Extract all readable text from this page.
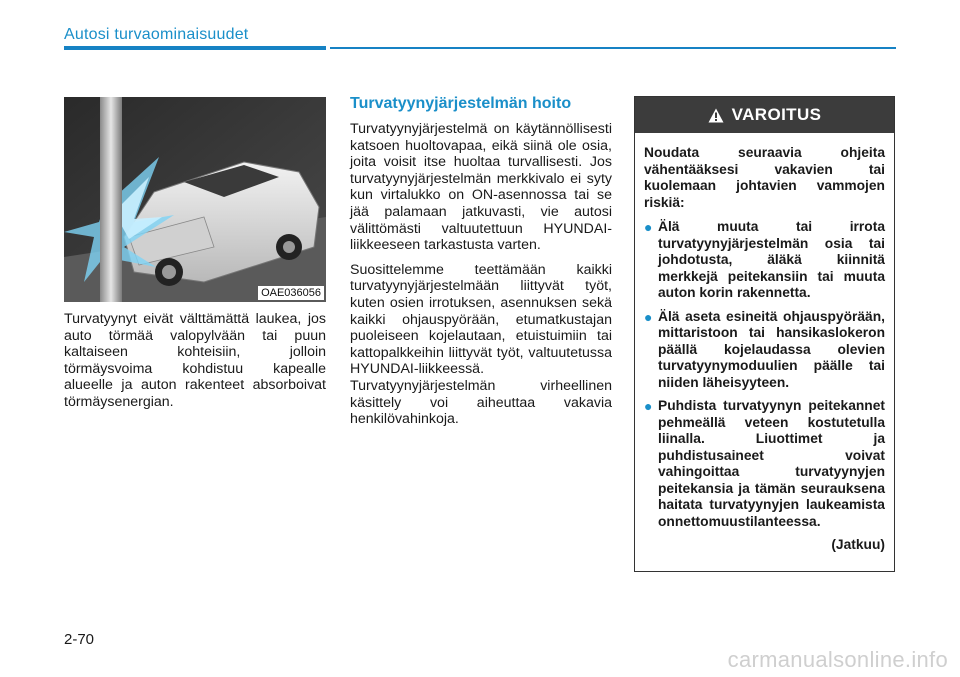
Autosi turvaominaisuudet
OAE036056

Turvatyynyt eivät välttämättä laukea, jos auto törmää valopylvään tai puun kaltaiseen kohteisiin, jolloin törmäysvoima kohdistuu kapealle alueelle ja auton rakenteet absorboivat törmäysenergian.

Turvatyynyjärjestelmän hoito

Turvatyynyjärjestelmä on käytännöllisesti katsoen huoltovapaa, eikä siinä ole osia, joita voisit itse huoltaa turvallisesti. Jos turvatyynyjärjestelmän merkkivalo ei syty kun virtalukko on ON-asennossa tai se jää palamaan jatkuvasti, vie autosi välittömästi valtuutettuun HYUNDAI-liikkeeseen tarkastusta varten.

Suosittelemme teettämään kaikki turvatyynyjärjestelmään liittyvät työt, kuten osien irrotuksen, asennuksen sekä kaikki ohjauspyörään, etumatkustajan puoleiseen kojelautaan, etuistuimiin tai kattopalkkeihin liittyvät työt, valtuutetussa HYUNDAI-liikkeessä. Turvatyynyjärjestelmän virheellinen käsittely voi aiheuttaa vakavia henkilövahinkoja.

VAROITUS

Noudata seuraavia ohjeita vähentääksesi vakavien tai kuolemaan johtavien vammojen riskiä:

● Älä muuta tai irrota turvatyynyjärjestelmän osia tai johdotusta, äläkä kiinnitä merkkejä peitekansiin tai muuta auton korin rakennetta.
● Älä aseta esineitä ohjauspyörään, mittaristoon tai hansikaslokeron päällä kojelaudassa olevien turvatyynymoduulien päälle tai niiden läheisyyteen.
● Puhdista turvatyynyn peitekannet pehmeällä veteen kostutetulla liinalla. Liuottimet ja puhdistusaineet voivat vahingoittaa turvatyynyjen peitekansia ja tämän seurauksena haitata turvatyynyjen laukeamista onnettomuustilanteessa.
(Jatkuu)
2-70
carmanualsonline.info
